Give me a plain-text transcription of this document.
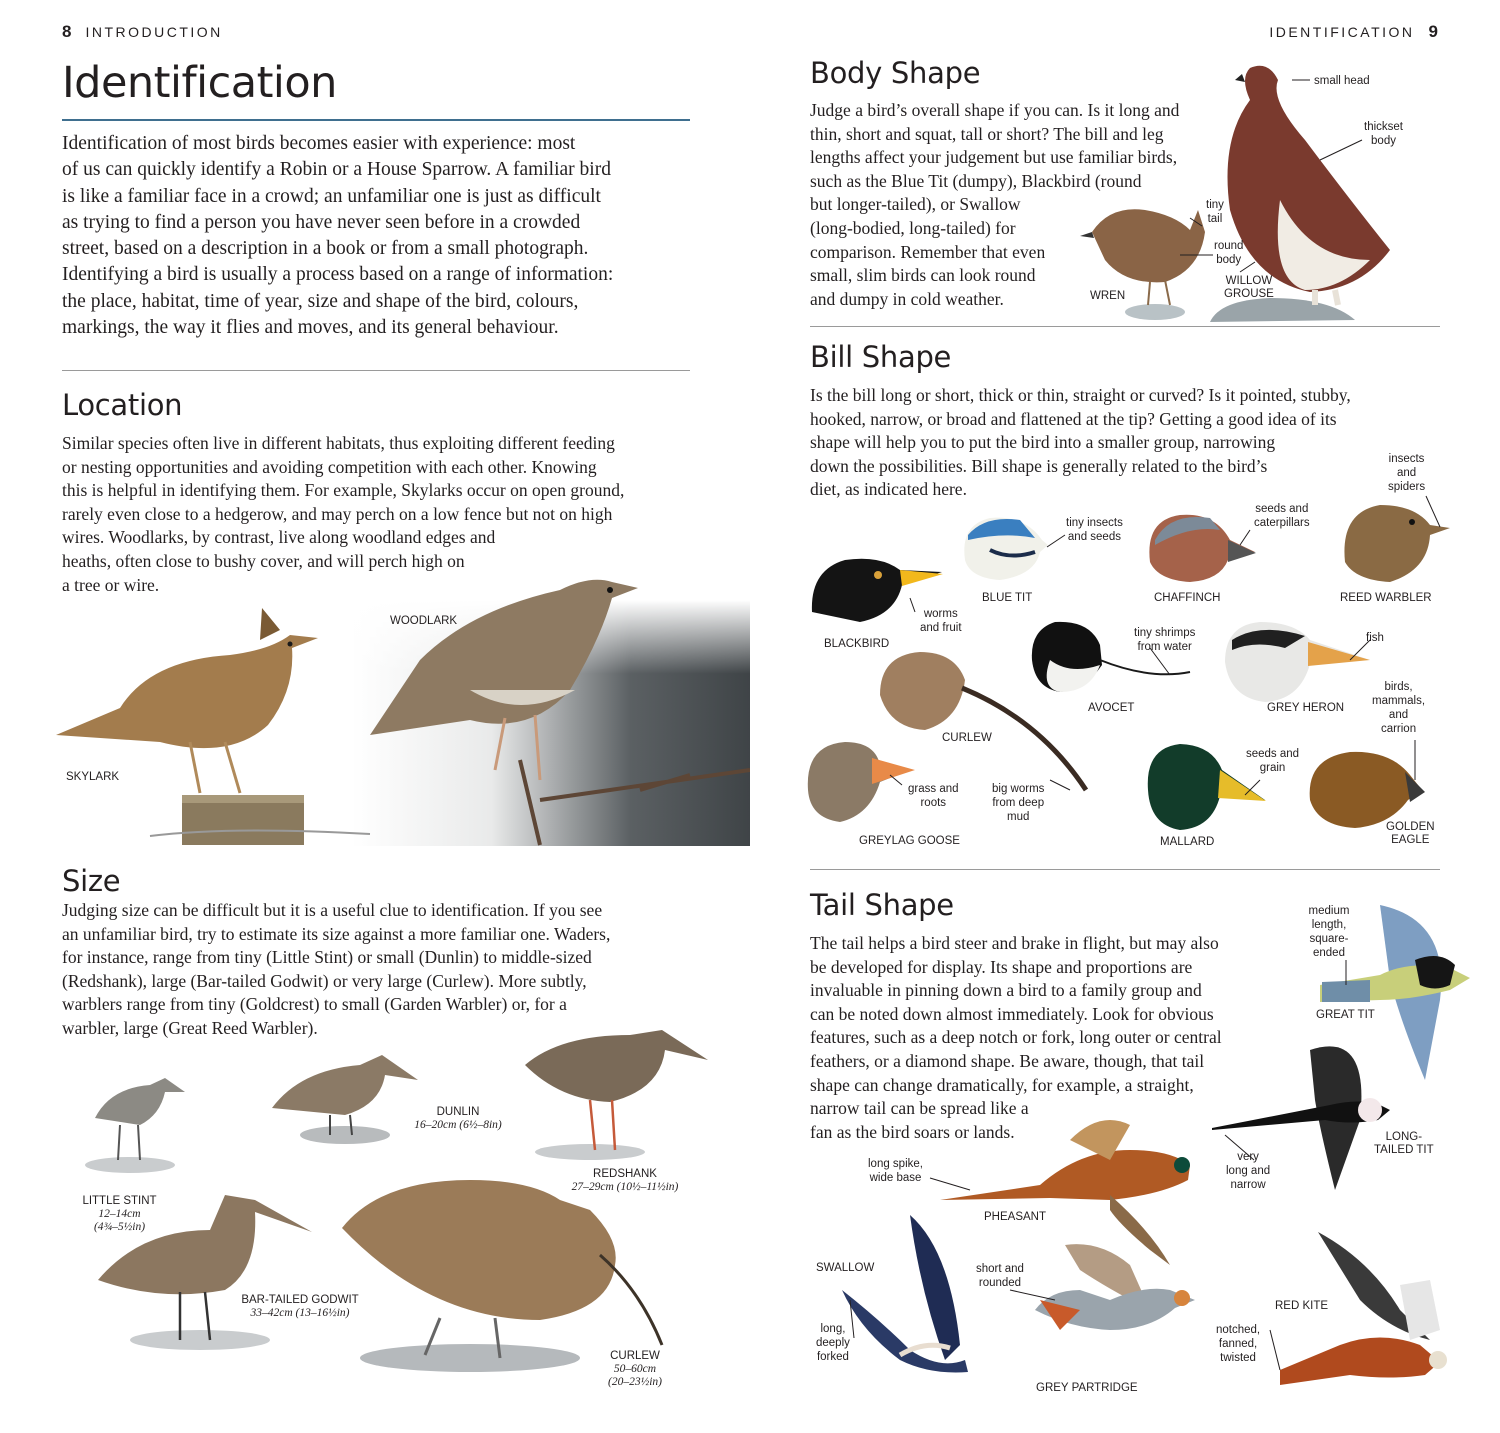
8 INTRODUCTION
Identification
Identification of most birds becomes easier with experience: most
of us can quickly identify a Robin or a House Sparrow. A familiar bird
is like a familiar face in a crowd; an unfamiliar one is just as difficult
as trying to find a person you have never seen before in a crowded
street, based on a description in a book or from a small photograph.
Identifying a bird is usually a process based on a range of information:
the place, habitat, time of year, size and shape of the bird, colours,
markings, the way it flies and moves, and its general behaviour.
Location
Similar species often live in different habitats, thus exploiting different feeding
or nesting opportunities and avoiding competition with each other. Knowing
this is helpful in identifying them. For example, Skylarks occur on open ground,
rarely even close to a hedgerow, and may perch on a low fence but not on high
wires. Woodlarks, by contrast, live along woodland edges and
heaths, often close to bushy cover, and will perch high on
a tree or wire.
WOODLARK
SKYLARK
Size
Judging size can be difficult but it is a useful clue to identification. If you see
an unfamiliar bird, try to estimate its size against a more familiar one. Waders,
for instance, range from tiny (Little Stint) or small (Dunlin) to middle-sized
(Redshank), large (Bar-tailed Godwit) or very large (Curlew). More subtly,
warblers range from tiny (Goldcrest) to small (Garden Warbler) or, for a
warbler, large (Great Reed Warbler).
DUNLIN
16–20cm (6½–8in)
REDSHANK
27–29cm (10½–11½in)
LITTLE STINT
12–14cm
(4¾–5½in)
BAR-TAILED GODWIT
33–42cm (13–16½in)
CURLEW
50–60cm
(20–23½in)
IDENTIFICATION 9
Body Shape
Judge a bird’s overall shape if you can. Is it long and
thin, short and squat, tall or short? The bill and leg
lengths affect your judgement but use familiar birds,
such as the Blue Tit (dumpy), Blackbird (round
but longer-tailed), or Swallow
(long-bodied, long-tailed) for
comparison. Remember that even
small, slim birds can look round
and dumpy in cold weather.
small head
thickset
body
tiny
tail
round
body
WREN
WILLOW
GROUSE
Bill Shape
Is the bill long or short, thick or thin, straight or curved? Is it pointed, stubby,
hooked, narrow, or broad and flattened at the tip? Getting a good idea of its
shape will help you to put the bird into a smaller group, narrowing
down the possibilities. Bill shape is generally related to the bird’s
diet, as indicated here.
tiny insects
and seeds
seeds and
caterpillars
insects
and
spiders
BLUE TIT	CHAFFINCH	REED WARBLER
worms
and fruit
BLACKBIRD
tiny shrimps
from water
fish
AVOCET	GREY HERON
birds,
mammals,
and
carrion
CURLEW
seeds and
grain
grass and
roots
big worms
from deep
mud
GOLDEN
EAGLE
GREYLAG GOOSE	MALLARD
Tail Shape
The tail helps a bird steer and brake in flight, but may also
be developed for display. Its shape and proportions are
invaluable in pinning down a bird to a family group and
can be noted down almost immediately. Look for obvious
features, such as a deep notch or fork, long outer or central
feathers, or a diamond shape. Be aware, though, that tail
shape can change dramatically, for example, a straight,
narrow tail can be spread like a
fan as the bird soars or lands.
medium
length,
square-
ended
GREAT TIT
LONG-
TAILED TIT
very
long and
narrow
long spike,
wide base
PHEASANT
SWALLOW	short and
rounded
RED KITE
long,
deeply
forked
notched,
fanned,
twisted
GREY PARTRIDGE
